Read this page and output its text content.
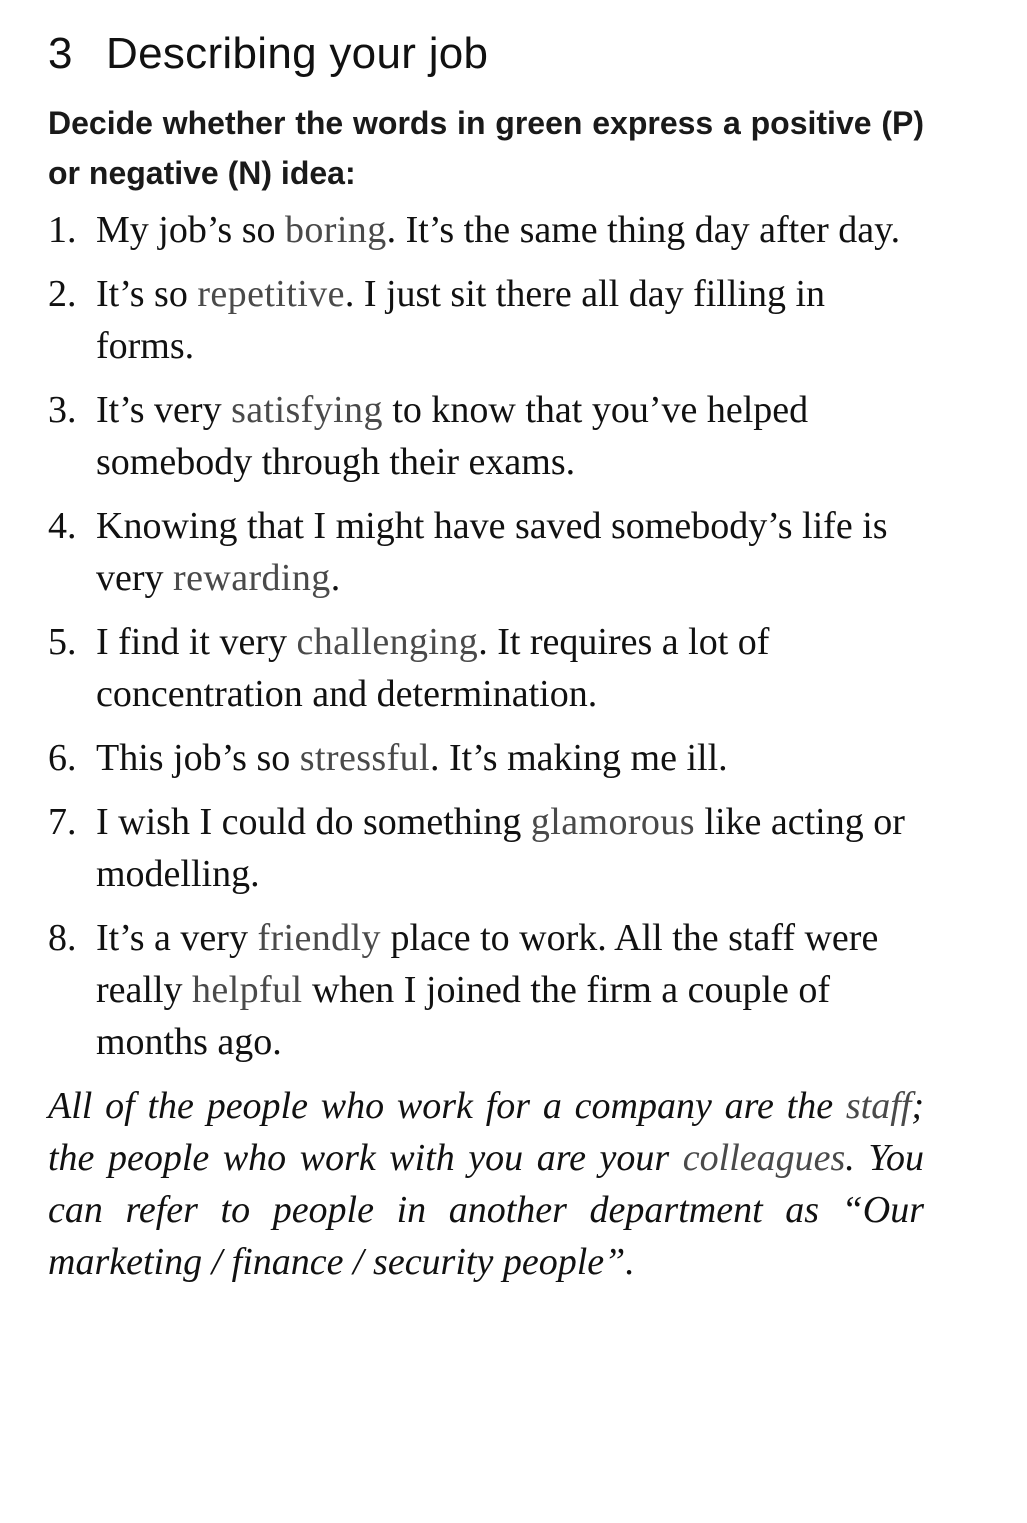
3 Describing your job

Decide whether the words in green express a positive (P) or negative (N) idea:

1. My job’s so boring. It’s the same thing day after day.
2. It’s so repetitive. I just sit there all day filling in forms.
3. It’s very satisfying to know that you’ve helped somebody through their exams.
4. Knowing that I might have saved somebody’s life is very rewarding.
5. I find it very challenging. It requires a lot of concentration and determination.
6. This job’s so stressful. It’s making me ill.
7. I wish I could do something glamorous like acting or modelling.
8. It’s a very friendly place to work. All the staff were really helpful when I joined the firm a couple of months ago.

All of the people who work for a company are the staff; the people who work with you are your colleagues. You can refer to people in another department as “Our marketing / finance / security people”.
